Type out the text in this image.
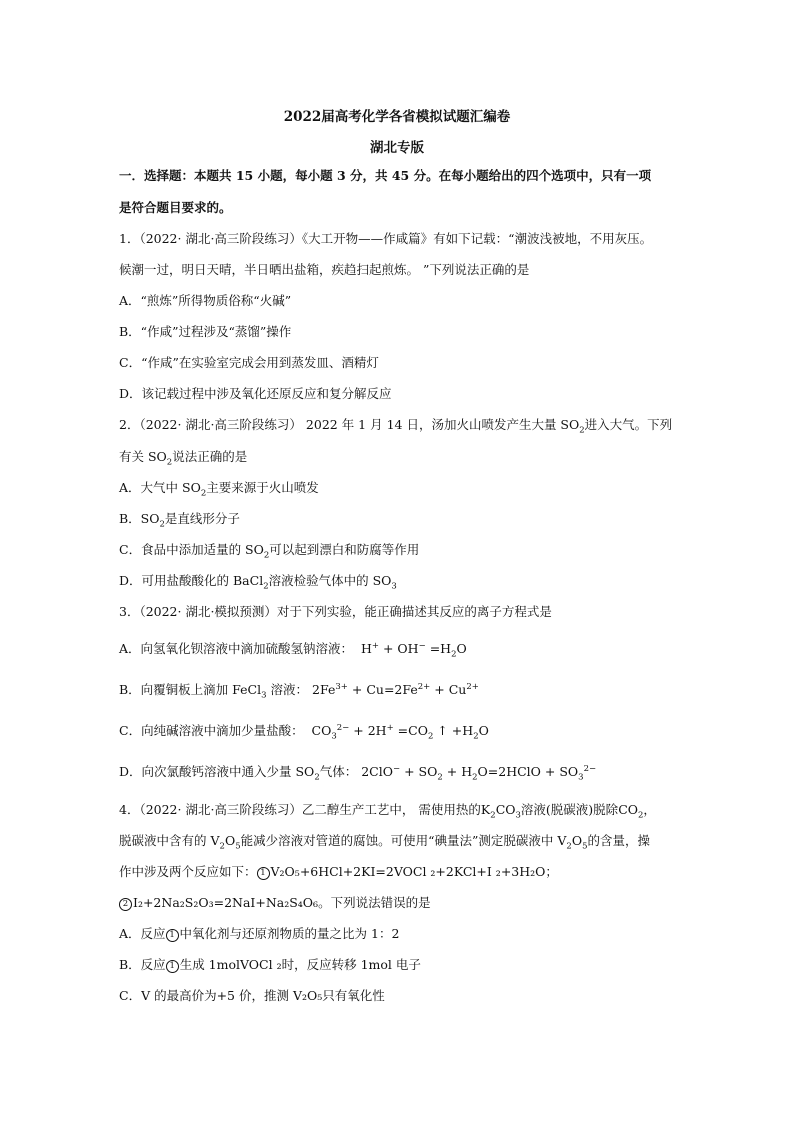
2022届高考化学各省模拟试题汇编卷
湖北专版
一．选择题：本题共 15 小题，每小题 3 分，共 45 分。在每小题给出的四个选项中，只有一项
是符合题目要求的。
1．（2022· 湖北·高三阶段练习）《大工开物——作咸篇》有如下记载：“潮波浅被地，不用灰压。
候潮一过，明日天晴，半日晒出盐箱，疾趋扫起煎炼。 ”下列说法正确的是
A．“煎炼”所得物质俗称“火碱”
B．“作咸”过程涉及“蒸馏”操作
C．“作咸”在实验室完成会用到蒸发皿、酒精灯
D．该记载过程中涉及氧化还原反应和复分解反应
2．（2022· 湖北·高三阶段练习） 2022 年 1 月 14 日，汤加火山喷发产生大量 $SO_2$进入大气。下列
有关 $SO_2$说法正确的是
A．大气中 $SO_2$主要来源于火山喷发
B．$SO_2$是直线形分子
C．食品中添加适量的 $SO_2$可以起到漂白和防腐等作用
D．可用盐酸酸化的 BaCl$_2$溶液检验气体中的 $SO_3$
3．（2022· 湖北·模拟预测）对于下列实验，能正确描述其反应的离子方程式是
A．向氢氧化钡溶液中滴加硫酸氢钠溶液：  $H^+ + OH^- =H_2O$
B．向覆铜板上滴加 FeCl$_3$ 溶液： $2Fe^{3+} + Cu=2Fe^{2+} + Cu^{2+}$
C．向纯碱溶液中滴加少量盐酸：  $CO_3^{2-} + 2H^+ =CO_2$ ↑ $+H_2O$
D．向次氯酸钙溶液中通入少量 $SO_2$气体： $2ClO^- + SO_2$ + $H_2O=2HClO + SO_3^{2-}$
4．（2022· 湖北·高三阶段练习）乙二醇生产工艺中， 需使用热的$K_2CO_3$溶液(脱碳液)脱除$CO_2$，
脱碳液中含有的 $V_2O_5$能减少溶液对管道的腐蚀。可使用“碘量法”测定脱碳液中 $V_2O_5$的含量，操
作中涉及两个反应如下： 1 V₂O₅+6HCl+2KI=2VOCl ₂+2KCl+I ₂+3H₂O；
2 I₂+2Na₂S₂O₃=2NaI+Na₂S₄O₆。下列说法错误的是
A．反应 1 中氧化剂与还原剂物质的量之比为 1：2
B．反应 1 生成 1molVOCl ₂时，反应转移 1mol 电子
C．V 的最高价为+5 价，推测 V₂O₅只有氧化性
